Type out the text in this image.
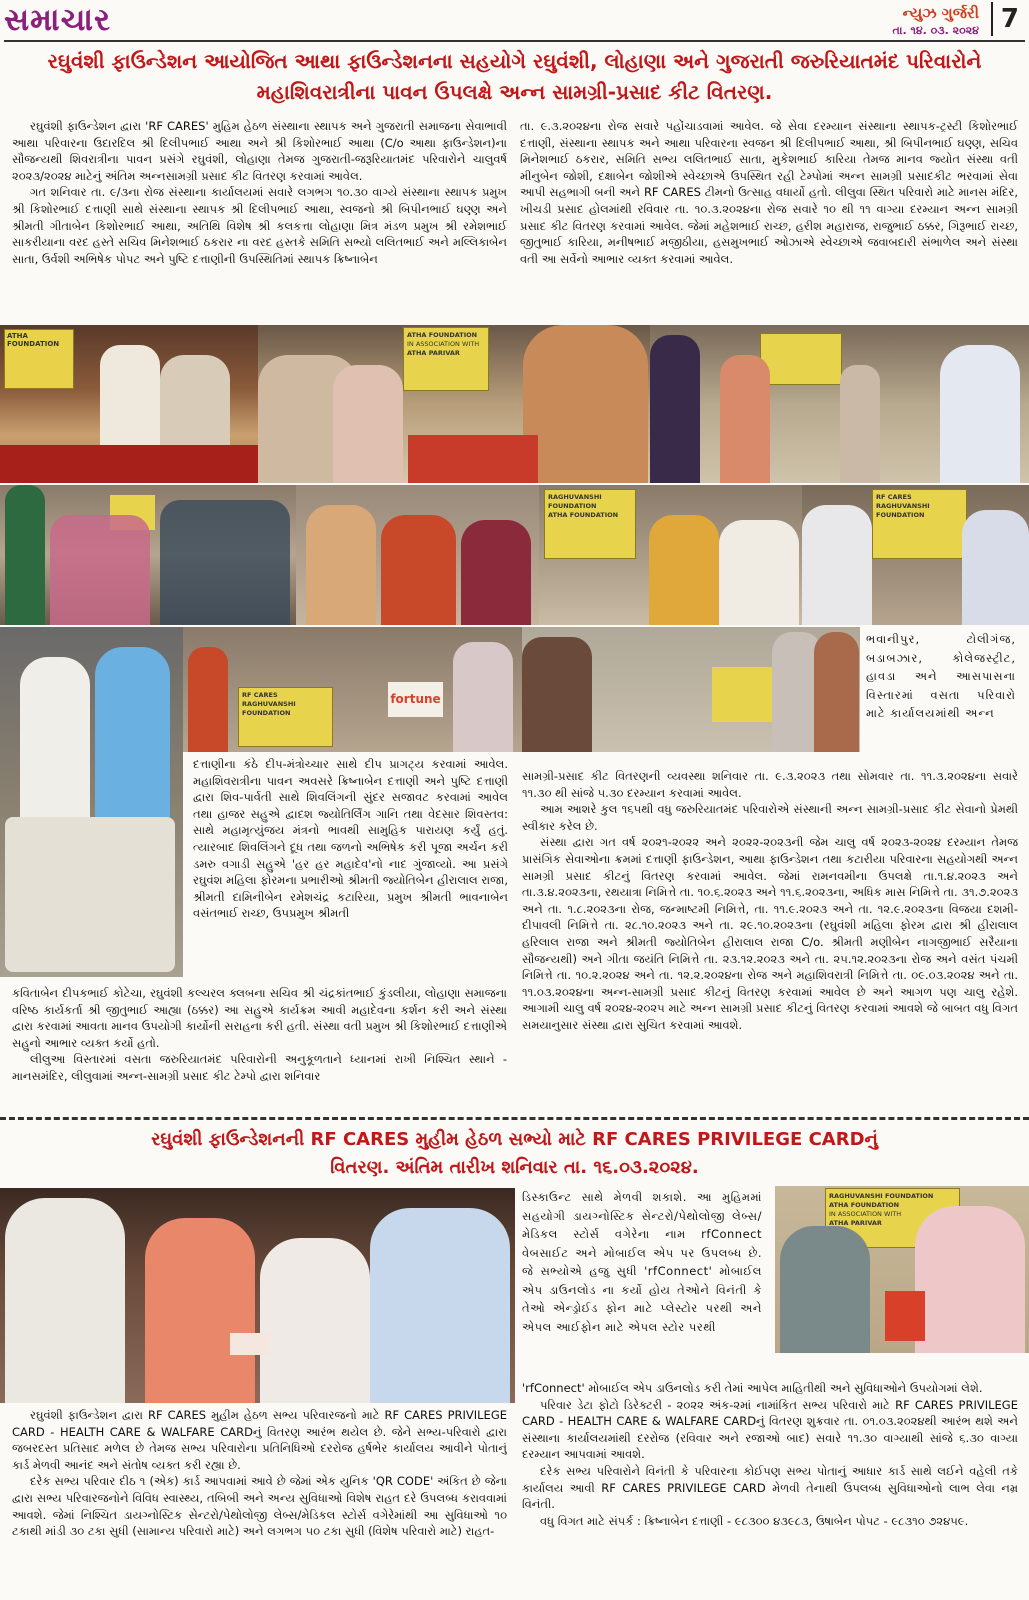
સમાચાર	ન્યુઝ ગુર્જરી
તા. ૧૪. ૦૩. ૨૦૨૪ 7
રઘુવંશી ફાઉન્ડેશન આયોજિત આથા ફાઉન્ડેશનના સહયોગે રઘુવંશી, લોહાણા અને ગુજરાતી જરુરિયાતમંદ પરિવારોને મહાશિવરાત્રીના પાવન ઉપલક્ષે અન્ન સામગ્રી-પ્રસાદ કીટ વિતરણ.

રઘુવંશી ફાઉન્ડેશન દ્વારા 'RF CARES' મુહિમ હેઠળ સંસ્થાના સ્થાપક અને ગુજરાતી સમાજના સેવાભાવી આથા પરિવારના ઉદારદિલ શ્રી દિલીપભાઈ આથા અને શ્રી કિશોરભાઈ આથા (C/o આથા ફાઉન્ડેશન)ના સૌજન્યથી શિવરાત્રીના પાવન પ્રસંગે રઘુવંશી, લોહાણા તેમજ ગુજરાતી-જરૂરિયાતમંદ પરિવારોને ચાલુવર્ષ ૨૦૨૩/૨૦૨૪ માટેનું અંતિમ અન્નસામગ્રી પ્રસાદ કીટ વિતરણ કરવામાં આવેલ.

ગત શનિવાર તા. ૯/૩ના રોજ સંસ્થાના કાર્યાલયમાં સવારે લગભગ ૧૦.૩૦ વાગ્યે સંસ્થાના સ્થાપક પ્રમુખ શ્રી કિશોરભાઈ દત્તાણી સાથે સંસ્થાના સ્થાપક શ્રી દિલીપભાઈ આથા, સ્વજનો શ્રી બિપીનભાઈ ઘણ્ણ અને શ્રીમતી ગીતાબેન કિશોરભાઈ આથા, અતિથિ વિશેષ શ્રી કલકત્તા લોહાણા મિત્ર મંડળ પ્રમુખ શ્રી રમેશભાઈ સાકરીયાના વરદ હસ્તે સચિવ મિનેશભાઈ ઠકરાર ના વરદ હસ્તકે સમિતિ સભ્યો લલિતભાઈ અને મલ્લિકાબેન સાતા, ઉર્વશી અભિષેક પોપટ અને પુષ્ટિ દત્તાણીની ઉપસ્થિતિમાં સ્થાપક ક્રિષ્નાબેન

તા. ૯.૩.૨૦૨૪ના રોજ સવારે પહોંચાડવામાં આવેલ. જે સેવા દરમ્યાન સંસ્થાના સ્થાપક-ટ્રસ્ટી કિશોરભાઈ દત્તાણી, સંસ્થાના સ્થાપક અને આથા પરિવારના સ્વજન શ્રી દિલીપભાઈ આથા, શ્રી બિપીનભાઈ ઘણ્ણ, સચિવ મિનેશભાઈ ઠકરાર, સમિતિ સભ્ય લલિતભાઈ સાતા, મુકેશભાઈ કારિયા તેમજ માનવ જ્યોત સંસ્થા વતી મીનુબેન જોશી, દક્ષાબેન જોશીએ સ્વેચ્છાએ ઉપસ્થિત રહી ટેમ્પોમાં અન્ન સામગ્રી પ્રસાદકીટ ભરવામાં સેવા આપી સહભાગી બની અને RF CARES ટીમનો ઉત્સાહ વધાર્યો હતો. લીલુવા સ્થિત પરિવારો માટે માનસ મંદિર, ખીચડી પ્રસાદ હોલમાંથી રવિવાર તા. ૧૦.૩.૨૦૨૪ના રોજ સવારે ૧૦ થી ૧૧ વાગ્યા દરમ્યાન અન્ન સામગ્રી પ્રસાદ કીટ વિતરણ કરવામાં આવેલ. જેમાં મહેશભાઈ રાચ્છ, હરીશ મહારાજ, રાજુભાઈ ઠક્કર, ગિરૂભાઈ રાચ્છ, જીતુભાઈ કારિયા, મનીષભાઈ મજીઠીયા, હસમુખભાઈ ઓઝાએ સ્વેચ્છાએ જવાબદારી સંભાળેલ અને સંસ્થા વતી આ સર્વેનો આભાર વ્યક્ત કરવામાં આવેલ.

ATHA FOUNDATION
ATHA FOUNDATION
IN ASSOCIATION WITH
ATHA PARIVAR
RAGHUVANSHI FOUNDATION
ATHA FOUNDATION
RF CARES
RAGHUVANSHI FOUNDATION
RF CARES
RAGHUVANSHI FOUNDATION
fortune
ભવાનીપુર, ટોલીગંજ, બડાબઝાર, કોલેજસ્ટ્રીટ, હાવડા અને આસપાસના વિસ્તારમાં વસતા પરિવારો માટે કાર્યાલયમાંથી અન્ન

દત્તાણીના કંઠે દીપ-મંત્રોચ્ચાર સાથે દીપ પ્રાગટ્ય કરવામાં આવેલ. મહાશિવરાત્રીના પાવન અવસરે ક્રિષ્નાબેન દત્તાણી અને પુષ્ટિ દત્તાણી દ્વારા શિવ-પાર્વતી સાથે શિવલિંગની સુંદર સજાવટ કરવામાં આવેલ તથા હાજર સહુએ દ્વાદશ જ્યોતિર્લિંગ ગાનિ તથા વેદસાર શિવસ્તવ: સાથે મહામૃત્યુંજય મંત્રનો ભાવથી સામુહિક પારાયણ કર્યું હતું. ત્યારબાદ શિવલિંગને દૂધ તથા જળનો અભિષેક કરી પૂજા અર્ચન કરી ડમરુ વગાડી સહુએ 'હર હર મહાદેવ'નો નાદ ગુંજાવ્યો. આ પ્રસંગે રઘુવંશ મહિલા ફોરમના પ્રભારીઓ શ્રીમતી જ્યોતિબેન હીરાલાલ રાજા, શ્રીમતી દામિનીબેન રમેશચંદ્ર કટારિયા, પ્રમુખ શ્રીમતી ભાવનાબેન વસંતભાઈ રાચ્છ, ઉપપ્રમુખ શ્રીમતી

કવિતાબેન દીપકભાઈ કોટેચા, રઘુવંશી કલ્ચરલ ક્લબના સચિવ શ્રી ચંદ્રકાંતભાઈ કુંડલીયા, લોહાણા સમાજના વરિષ્ઠ કાર્યકર્તા શ્રી જીતુભાઈ આહ્યા (ઠક્કર) આ સહુએ કાર્યક્રમ આવી મહાદેવના કર્શન કરી અને સંસ્થા દ્વારા કરવામાં આવતા માનવ ઉપયોગી કાર્યોની સરાહના કરી હતી. સંસ્થા વતી પ્રમુખ શ્રી કિશોરભાઈ દત્તાણીએ સહુનો આભાર વ્યક્ત કર્યો હતો.

લીલુઆ વિસ્તારમાં વસતા જરુરિયાતમંદ પરિવારોની અનુકૂળતાને ધ્યાનમાં રાખી નિશ્ચિત સ્થાને - માનસમંદિર, લીલુવામાં અન્ન-સામગ્રી પ્રસાદ કીટ ટેમ્પો દ્વારા શનિવાર

સામગ્રી-પ્રસાદ કીટ વિતરણની વ્યવસ્થા શનિવાર તા. ૯.૩.૨૦૨૩ તથા સોમવાર તા. ૧૧.૩.૨૦૨૪ના સવારે ૧૧.૩૦ થી સાંજે ૫.૩૦ દરમ્યાન કરવામાં આવેલ.

આમ આશરે કુલ ૧૬૫થી વધુ જરુરિયાતમંદ પરિવારોએ સંસ્થાની અન્ન સામગ્રી-પ્રસાદ કીટ સેવાનો પ્રેમથી સ્વીકાર કરેલ છે.

સંસ્થા દ્વારા ગત વર્ષ ૨૦૨૧-૨૦૨૨ અને ૨૦૨૨-૨૦૨૩ની જેમ ચાલુ વર્ષ ૨૦૨૩-૨૦૨૪ દરમ્યાન તેમજ પ્રાસંગિક સેવાઓના ક્રમમાં દત્તાણી ફાઉન્ડેશન, આથા ફાઉન્ડેશન તથા કટારીયા પરિવારના સહયોગથી અન્ન સામગ્રી પ્રસાદ કીટનું વિતરણ કરવામાં આવેલ. જેમાં રામનવમીના ઉપલક્ષે તા.૧.૪.૨૦૨૩ અને તા.૩.૪.૨૦૨૩ના, રથયાત્રા નિમિત્તે તા. ૧૦.૬.૨૦૨૩ અને ૧૧.૬.૨૦૨૩ના, અધિક માસ નિમિત્તે તા. ૩૧.૭.૨૦૨૩ અને તા. ૧.૮.૨૦૨૩ના રોજ, જન્માષ્ટમી નિમિત્તે, તા. ૧૧.૯.૨૦૨૩ અને તા. ૧૨.૯.૨૦૨૩ના વિજયા દશમી-દીપાવલી નિમિત્તે તા. ૨૮.૧૦.૨૦૨૩ અને તા. ૨૯.૧૦.૨૦૨૩ના (રઘુવંશી મહિલા ફોરમ દ્વારા શ્રી હીરાલાલ હરિલાલ રાજા અને શ્રીમતી જ્યોતિબેન હીરાલાલ રાજા C/o. શ્રીમતી મણીબેન નાગજીભાઈ સરૈયાના સૌજન્યથી) અને ગીતા જયંતિ નિમિત્તે તા. ૨૩.૧૨.૨૦૨૩ અને તા. ૨૫.૧૨.૨૦૨૩ના રોજ અને વસંત પંચમી નિમિત્તે તા. ૧૦.૨.૨૦૨૪ અને તા. ૧૨.૨.૨૦૨૪ના રોજ અને મહાશિવરાત્રી નિમિત્તે તા. ૦૯.૦૩.૨૦૨૪ અને તા. ૧૧.૦૩.૨૦૨૪ના અન્ન-સામગ્રી પ્રસાદ કીટનું વિતરણ કરવામાં આવેલ છે અને આગળ પણ ચાલુ રહેશે. આગામી ચાલુ વર્ષ ૨૦૨૪-૨૦૨૫ માટે અન્ન સામગ્રી પ્રસાદ કીટનું વિતરણ કરવામાં આવશે જે બાબત વધુ વિગત સમયાનુસાર સંસ્થા દ્વારા સુચિત કરવામાં આવશે.

રઘુવંશી ફાઉન્ડેશનની RF CARES મુહીમ હેઠળ સભ્યો માટે RF CARES PRIVILEGE CARDનું
વિતરણ. અંતિમ તારીખ શનિવાર તા. ૧૬.૦૩.૨૦૨૪.

ડિસ્કાઉન્ટ સાથે મેળવી શકાશે. આ મુહિમમાં સહયોગી ડાયગ્નોસ્ટિક સેન્ટરો/પેથોલોજી લેબ્સ/મેડિકલ સ્ટોર્સ વગેરેના નામ rfConnect વેબસાઈટ અને મોબાઈલ એપ પર ઉપલબ્ધ છે. જે સભ્યોએ હજુ સુધી 'rfConnect' મોબાઈલ એપ ડાઉનલોડ ના કર્યો હોય તેઓને વિનંતી કે તેઓ એન્ડ્રોઈડ ફોન માટે પ્લેસ્ટોર પરથી અને એપલ આઈફોન માટે એપલ સ્ટોર પરથી

RAGHUVANSHI FOUNDATION
ATHA FOUNDATION
IN ASSOCIATION WITH
ATHA PARIVAR

'rfConnect' મોબાઈલ એપ ડાઉનલોડ કરી તેમાં આપેલ માહિતીથી અને સુવિધાઓને ઉપયોગમાં લેશે.

પરિવાર ડેટા ફોટો ડિરેક્ટરી - ૨૦૨૨ અંક-૨માં નામાંકિત સભ્ય પરિવારો માટે RF CARES PRIVILEGE CARD - HEALTH CARE & WALFARE CARDનું વિતરણ શુક્રવાર તા. ૦૧.૦૩.૨૦૨૪થી આરંભ થશે અને સંસ્થાના કાર્યાલયમાંથી દરરોજ (રવિવાર અને રજાઓ બાદ) સવારે ૧૧.૩૦ વાગ્યાથી સાંજે ૬.૩૦ વાગ્યા દરમ્યાન આપવામાં આવશે.

દરેક સભ્ય પરિવારોને વિનંતી કે પરિવારના કોઈપણ સભ્ય પોતાનું આધાર કાર્ડ સાથે લઈને વહેલી તકે કાર્યાલય આવી RF CARES PRIVILEGE CARD મેળવી તેનાથી ઉપલબ્ધ સુવિધાઓનો લાભ લેવા નમ્ર વિનંતી.

વધુ વિગત માટે સંપર્ક : ક્રિષ્નાબેન દત્તાણી - ૯૮૩૦૦ ૪૩૯૮૩, ઉષાબેન પોપટ - ૯૮૩૧૦ ૭૨૪૫૯.

રઘુવંશી ફાઉન્ડેશન દ્વારા RF CARES મુહીમ હેઠળ સભ્ય પરિવારજનો માટે RF CARES PRIVILEGE CARD - HEALTH CARE & WALFARE CARDનું વિતરણ આરંભ થયેલ છે. જેને સભ્ય-પરિવારો દ્વારા જબરદસ્ત પ્રતિસાદ મળેલ છે તેમજ સભ્ય પરિવારોના પ્રતિનિધિઓ દરરોજ હર્ષભેર કાર્યાલય આવીને પોતાનું કાર્ડ મેળવી આનંદ અને સંતોષ વ્યક્ત કરી રહ્યા છે.

દરેક સભ્ય પરિવાર દીઠ ૧ (એક) કાર્ડ આપવામાં આવે છે જેમાં એક યુનિક 'QR CODE' અંકિત છે જેના દ્વારા સભ્ય પરિવારજનોને વિવિધ સ્વાસ્થ્ય, તબિબી અને અન્ય સુવિધાઓ વિશેષ રાહત દરે ઉપલબ્ધ કરાવવામાં આવશે. જેમાં નિશ્ચિત ડાયગ્નોસ્ટિક સેન્ટરો/પેથોલોજી લેબ્સ/મેડિકલ સ્ટોર્સ વગેરેમાંથી આ સુવિધાઓ ૧૦ ટકાથી માંડી ૩૦ ટકા સુધી (સામાન્ય પરિવારો માટે) અને લગભગ ૫૦ ટકા સુધી (વિશેષ પરિવારો માટે) રાહત-
